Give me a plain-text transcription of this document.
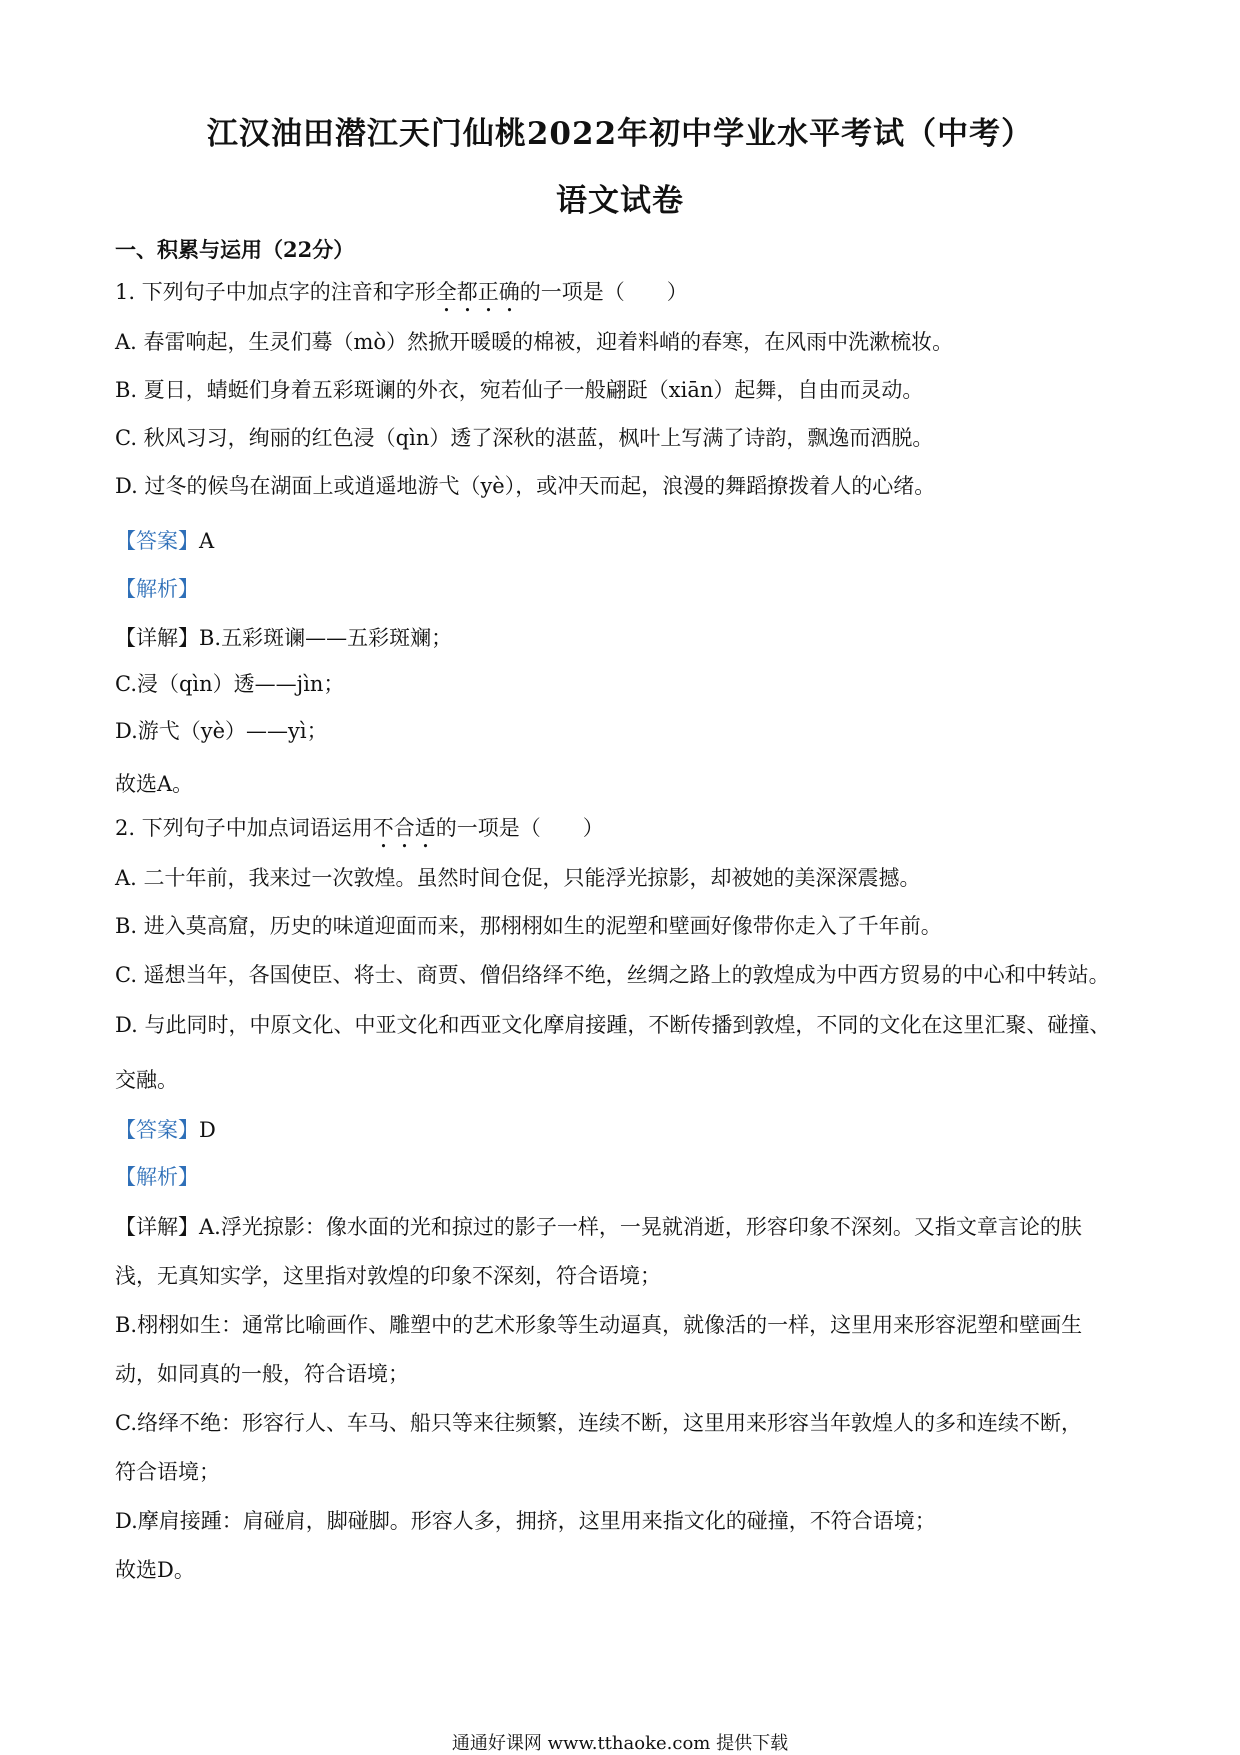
江汉油田潜江天门仙桃2022年初中学业水平考试（中考）
语文试卷
一、积累与运用（22分）
1. 下列句子中加点字的注音和字形全都正确的一项是（　　）
A. 春雷响起，生灵们蓦（mò）然掀开暖暖的棉被，迎着料峭的春寒，在风雨中洗漱梳妆。
B. 夏日，蜻蜓们身着五彩斑谰的外衣，宛若仙子一般翩跹（xiān）起舞，自由而灵动。
C. 秋风习习，绚丽的红色浸（qìn）透了深秋的湛蓝，枫叶上写满了诗韵，飘逸而洒脱。
D. 过冬的候鸟在湖面上或逍遥地游弋（yè），或冲天而起，浪漫的舞蹈撩拨着人的心绪。
【答案】A
【解析】
【详解】B.五彩斑谰——五彩斑斓；
C.浸（qìn）透——jìn；
D.游弋（yè）——yì；
故选A。
2. 下列句子中加点词语运用不合适的一项是（　　）
A. 二十年前，我来过一次敦煌。虽然时间仓促，只能浮光掠影，却被她的美深深震撼。
B. 进入莫高窟，历史的味道迎面而来，那栩栩如生的泥塑和壁画好像带你走入了千年前。
C. 遥想当年，各国使臣、将士、商贾、僧侣络绎不绝，丝绸之路上的敦煌成为中西方贸易的中心和中转站。
D. 与此同时，中原文化、中亚文化和西亚文化摩肩接踵，不断传播到敦煌，不同的文化在这里汇聚、碰撞、
交融。
【答案】D
【解析】
【详解】A.浮光掠影：像水面的光和掠过的影子一样，一晃就消逝，形容印象不深刻。又指文章言论的肤
浅，无真知实学，这里指对敦煌的印象不深刻，符合语境；
B.栩栩如生：通常比喻画作、雕塑中的艺术形象等生动逼真，就像活的一样，这里用来形容泥塑和壁画生
动，如同真的一般，符合语境；
C.络绎不绝：形容行人、车马、船只等来往频繁，连续不断，这里用来形容当年敦煌人的多和连续不断，
符合语境；
D.摩肩接踵：肩碰肩，脚碰脚。形容人多，拥挤，这里用来指文化的碰撞，不符合语境；
故选D。
通通好课网 www.tthaoke.com 提供下载
